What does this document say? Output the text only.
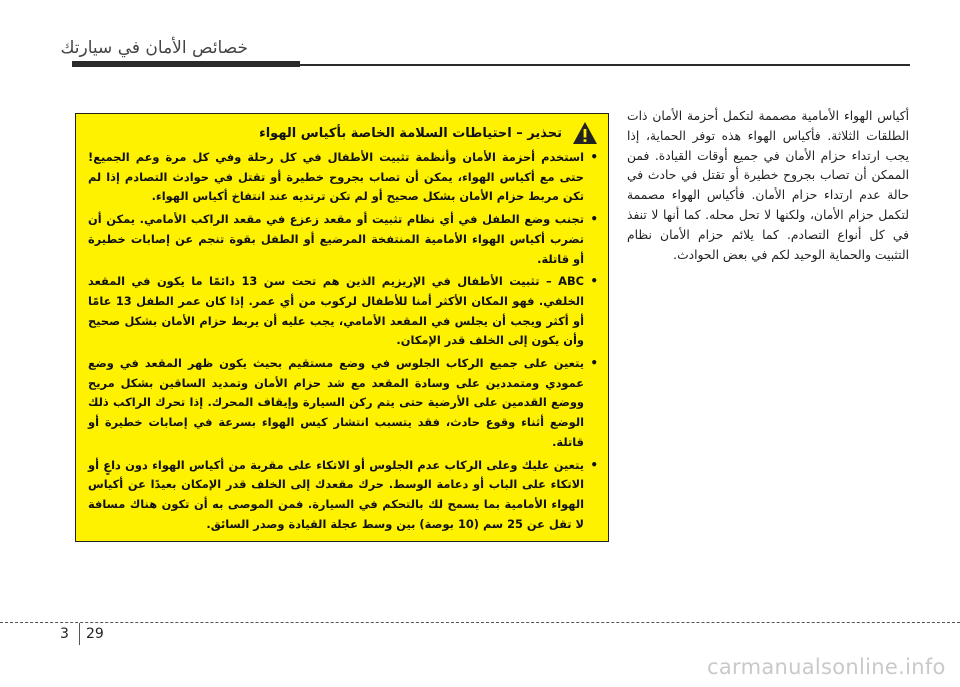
خصائص الأمان في سيارتك
أكياس الهواء الأمامية مصممة لتكمل أحزمة الأمان ذات الطلقات الثلاثة. فأكياس الهواء هذه توفر الحماية، إذا يجب ارتداء حزام الأمان في جميع أوقات القيادة. فمن الممكن أن تصاب بجروح خطيرة أو تقتل في حادث في حالة عدم ارتداء حزام الأمان. فأكياس الهواء مصممة لتكمل حزام الأمان، ولكنها لا تحل محله. كما أنها لا تنفذ في كل أنواع التصادم. كما يلائم حزام الأمان نظام التثبيت والحماية الوحيد لكم في بعض الحوادث.
تحذير – احتياطات السلامة الخاصة بأكياس الهواء
• استخدم أحزمة الأمان وأنظمة تثبيت الأطفال في كل رحلة وفي كل مرة وعم الجميع! حتى مع أكياس الهواء، يمكن أن تصاب بجروح خطيرة أو تقتل في حوادث التصادم إذا لم تكن مربط حزام الأمان بشكل صحيح أو لم تكن ترتديه عند انتفاخ أكياس الهواء.
• تجنب وضع الطفل في أي نظام تثبيت أو مقعد زعزع في مقعد الراكب الأمامي. يمكن أن تضرب أكياس الهواء الأمامية المنتفخة المرضيع أو الطفل بقوة تنجم عن إصابات خطيرة أو قاتلة.
• ABC – تثبيت الأطفال في الإريزيم الذين هم تحت سن 13 دائمًا ما يكون في المقعد الخلفي. فهو المكان الأكثر أمنا للأطفال لركوب من أي عمر. إذا كان عمر الطفل 13 عامًا أو أكثر ويجب أن يجلس في المقعد الأمامي، يجب عليه أن يربط حزام الأمان بشكل صحيح وأن يكون إلى الخلف قدر الإمكان.
• يتعين على جميع الركاب الجلوس في وضع مستقيم بحيث يكون ظهر المقعد في وضع عمودي ومتمددين على وسادة المقعد مع شد حزام الأمان وتمديد الساقين بشكل مريح ووضع القدمين على الأرضية حتى يتم ركن السيارة وإيقاف المحرك. إذا تحرك الراكب ذلك الوضع أثناء وقوع حادث، فقد يتسبب انتشار كيس الهواء بسرعة في إصابات خطيرة أو قاتلة.
• يتعين عليك وعلى الركاب عدم الجلوس أو الاتكاء على مقربة من أكياس الهواء دون داعٍ أو الاتكاء على الباب أو دعامة الوسط. حرك مقعدك إلى الخلف قدر الإمكان بعيدًا عن أكياس الهواء الأمامية بما يسمح لك بالتحكم في السيارة. فمن الموصى به أن تكون هناك مسافة لا تقل عن 25 سم (10 بوصة) بين وسط عجلة القيادة وصدر السائق.
3 29
carmanualsonline.info
